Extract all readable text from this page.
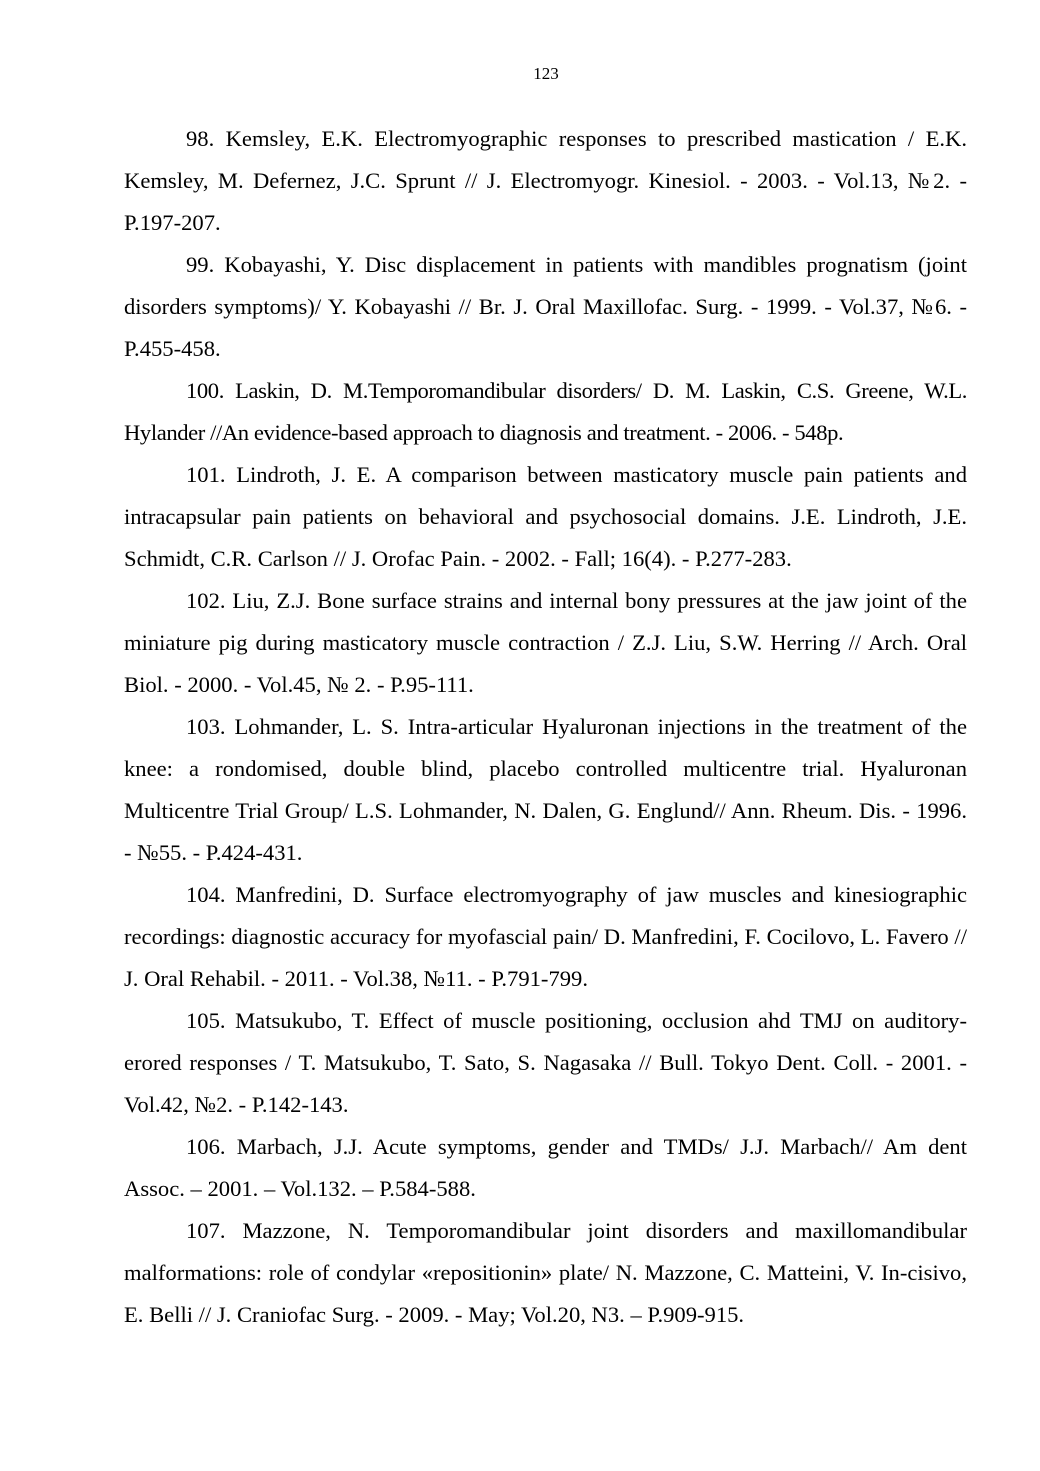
123
98. Kemsley, E.K. Electromyographic responses to prescribed mastication / E.K. Kemsley, M. Defernez, J.C. Sprunt // J. Electromyogr. Kinesiol. - 2003. - Vol.13, №2. - P.197-207.
99. Kobayashi, Y. Disc displacement in patients with mandibles prognatism (joint disorders symptoms)/ Y. Kobayashi // Br. J. Oral Maxillofac. Surg. - 1999. - Vol.37, №6. - P.455-458.
100. Laskin, D. M.Temporomandibular disorders/ D. M. Laskin, C.S. Greene, W.L. Hylander //An evidence-based approach to diagnosis and treatment. - 2006. - 548p.
101. Lindroth, J. E. A comparison between masticatory muscle pain patients and intracapsular pain patients on behavioral and psychosocial domains. J.E. Lindroth, J.E. Schmidt, C.R. Carlson // J. Orofac Pain. - 2002. - Fall; 16(4). - P.277-283.
102. Liu, Z.J. Bone surface strains and internal bony pressures at the jaw joint of the miniature pig during masticatory muscle contraction / Z.J. Liu, S.W. Herring // Arch. Oral Biol. - 2000. - Vol.45, № 2. - P.95-111.
103. Lohmander, L. S. Intra-articular Hyaluronan injections in the treatment of the knee: a rondomised, double blind, placebo controlled multicentre trial. Hyaluronan Multicentre Trial Group/ L.S. Lohmander, N. Dalen, G. Englund// Ann. Rheum. Dis. - 1996. - №55. - P.424-431.
104. Manfredini, D. Surface electromyography of jaw muscles and kinesiographic recordings: diagnostic accuracy for myofascial pain/ D. Manfredini, F. Cocilovo, L. Favero // J. Oral Rehabil. - 2011. - Vol.38, №11. - P.791-799.
105. Matsukubo, T. Effect of muscle positioning, occlusion ahd TMJ on auditory-erored responses / T. Matsukubo, T. Sato, S. Nagasaka // Bull. Tokyo Dent. Coll. - 2001. - Vol.42, №2. - P.142-143.
106. Marbach, J.J. Acute symptoms, gender and TMDs/ J.J. Marbach// Am dent Assoc. – 2001. – Vol.132. – P.584-588.
107. Mazzone, N. Temporomandibular joint disorders and maxillomandibular malformations: role of condylar «repositionin» plate/ N. Mazzone, C. Matteini, V. In-cisivo, E. Belli // J. Craniofac Surg. - 2009. - May; Vol.20, N3. – P.909-915.
